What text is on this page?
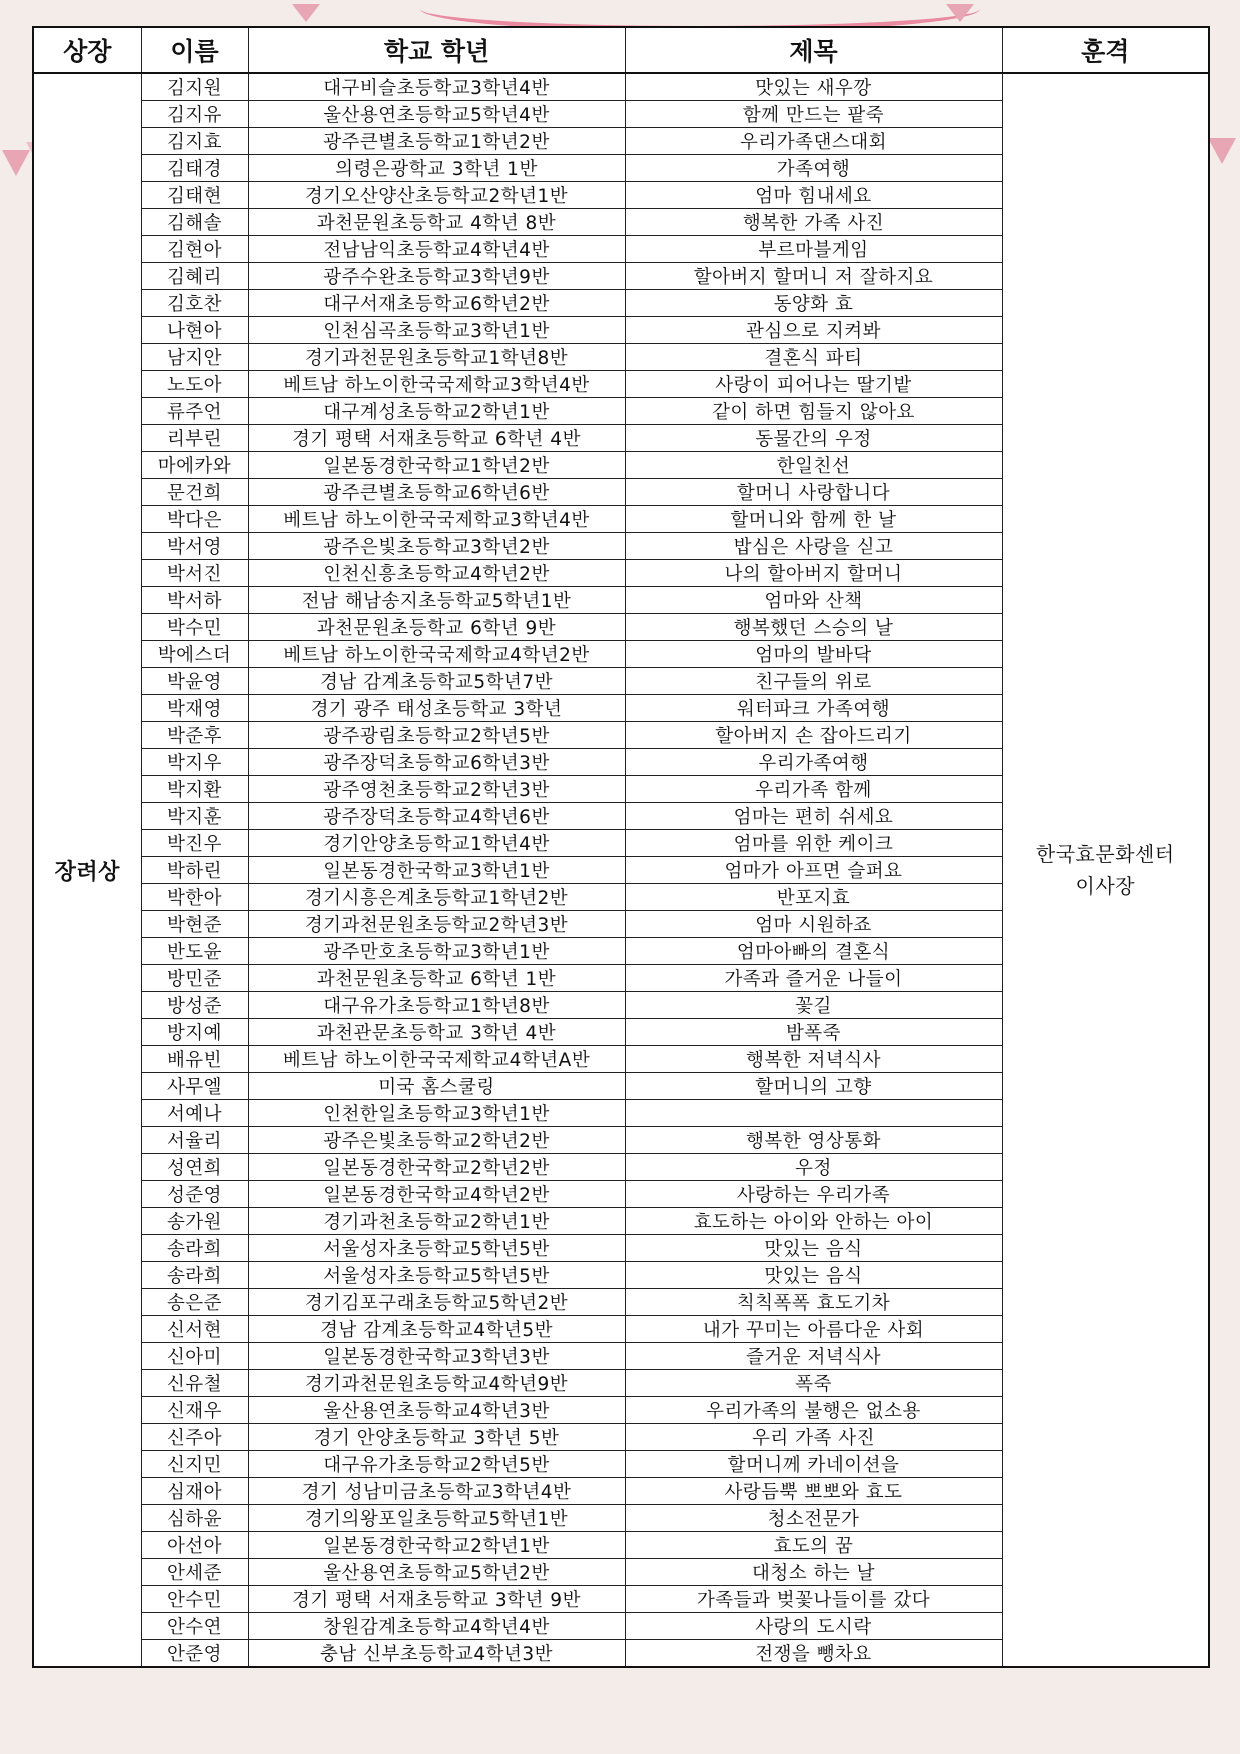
상장	이름	학교 학년	제목	훈격
장려상	김지원	대구비슬초등학교3학년4반	맛있는 새우깡	한국효문화센터
이사장

	김지유	울산용연초등학교5학년4반	함께 만드는 팥죽	
	김지효	광주큰별초등학교1학년2반	우리가족댄스대회	
	김태경	의령은광학교 3학년 1반	가족여행	
	김태현	경기오산양산초등학교2학년1반	엄마 힘내세요	
	김해솔	과천문원초등학교 4학년 8반	행복한 가족 사진	
	김현아	전남남익초등학교4학년4반	부르마블게임	
	김혜리	광주수완초등학교3학년9반	할아버지 할머니 저 잘하지요	
	김호찬	대구서재초등학교6학년2반	동양화 효	
	나현아	인천심곡초등학교3학년1반	관심으로 지켜봐	
	남지안	경기과천문원초등학교1학년8반	결혼식 파티	
	노도아	베트남 하노이한국국제학교3학년4반	사랑이 피어나는 딸기밭	
	류주언	대구계성초등학교2학년1반	같이 하면 힘들지 않아요	
	리부린	경기 평택 서재초등학교 6학년 4반	동물간의 우정	
	마에카와	일본동경한국학교1학년2반	한일친선	
	문건희	광주큰별초등학교6학년6반	할머니 사랑합니다	
	박다은	베트남 하노이한국국제학교3학년4반	할머니와 함께 한 날	
	박서영	광주은빛초등학교3학년2반	밥심은 사랑을 싣고	
	박서진	인천신흥초등학교4학년2반	나의 할아버지 할머니	
	박서하	전남 해남송지초등학교5학년1반	엄마와 산책	
	박수민	과천문원초등학교 6학년 9반	행복했던 스승의 날	
	박에스더	베트남 하노이한국국제학교4학년2반	엄마의 발바닥	
	박윤영	경남 감계초등학교5학년7반	친구들의 위로	
	박재영	경기 광주 태성초등학교 3학년	워터파크 가족여행	
	박준후	광주광림초등학교2학년5반	할아버지 손 잡아드리기	
	박지우	광주장덕초등학교6학년3반	우리가족여행	
	박지환	광주영천초등학교2학년3반	우리가족 함께	
	박지훈	광주장덕초등학교4학년6반	엄마는 편히 쉬세요	
	박진우	경기안양초등학교1학년4반	엄마를 위한 케이크	
	박하린	일본동경한국학교3학년1반	엄마가 아프면 슬퍼요	
	박한아	경기시흥은계초등학교1학년2반	반포지효	
	박현준	경기과천문원초등학교2학년3반	엄마 시원하죠	
	반도윤	광주만호초등학교3학년1반	엄마아빠의 결혼식	
	방민준	과천문원초등학교 6학년 1반	가족과 즐거운 나들이	
	방성준	대구유가초등학교1학년8반	꽃길	
	방지예	과천관문초등학교 3학년 4반	밤폭죽	
	배유빈	베트남 하노이한국국제학교4학년A반	행복한 저녁식사	
	사무엘	미국 홈스쿨링	할머니의 고향	
	서예나	인천한일초등학교3학년1반		
	서율리	광주은빛초등학교2학년2반	행복한 영상통화	
	성연희	일본동경한국학교2학년2반	우정	
	성준영	일본동경한국학교4학년2반	사랑하는 우리가족	
	송가원	경기과천초등학교2학년1반	효도하는 아이와 안하는 아이	
	송라희	서울성자초등학교5학년5반	맛있는 음식	
	송라희	서울성자초등학교5학년5반	맛있는 음식	
	송은준	경기김포구래초등학교5학년2반	칙칙폭폭 효도기차	
	신서현	경남 감계초등학교4학년5반	내가 꾸미는 아름다운 사회	
	신아미	일본동경한국학교3학년3반	즐거운 저녁식사	
	신유철	경기과천문원초등학교4학년9반	폭죽	
	신재우	울산용연초등학교4학년3반	우리가족의 불행은 없소용	
	신주아	경기 안양초등학교 3학년 5반	우리 가족 사진	
	신지민	대구유가초등학교2학년5반	할머니께 카네이션을	
	심재아	경기 성남미금초등학교3학년4반	사랑듬뿍 뽀뽀와 효도	
	심하윤	경기의왕포일초등학교5학년1반	청소전문가	
	아선아	일본동경한국학교2학년1반	효도의 꿈	
	안세준	울산용연초등학교5학년2반	대청소 하는 날	
	안수민	경기 평택 서재초등학교 3학년 9반	가족들과 벚꽃나들이를 갔다	
	안수연	창원감계초등학교4학년4반	사랑의 도시락	
	안준영	충남 신부초등학교4학년3반	전쟁을 뺑차요	
